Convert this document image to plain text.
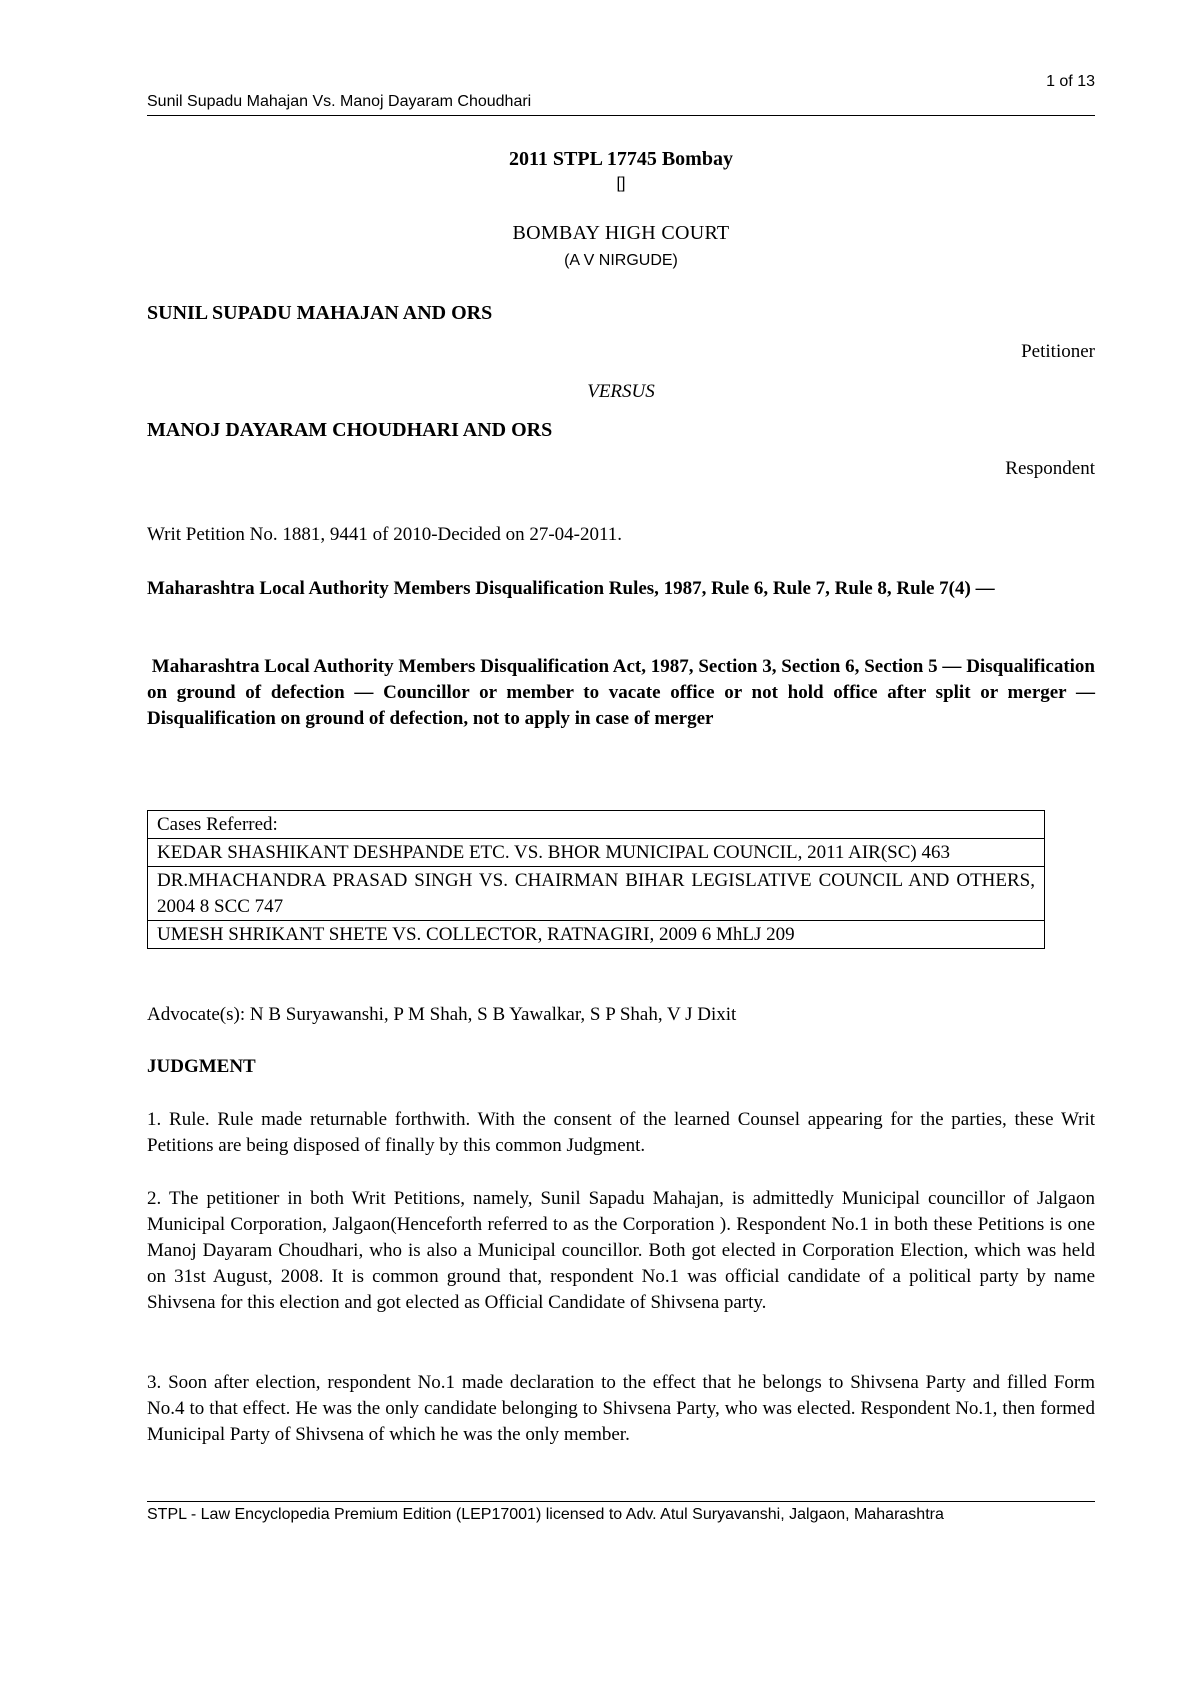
1 of 13
Sunil Supadu Mahajan Vs. Manoj Dayaram Choudhari
2011 STPL 17745 Bombay
[]
BOMBAY HIGH COURT
(A V NIRGUDE)
SUNIL SUPADU MAHAJAN AND ORS
Petitioner
VERSUS
MANOJ DAYARAM CHOUDHARI AND ORS
Respondent
Writ Petition No. 1881, 9441 of 2010-Decided on 27-04-2011.
Maharashtra Local Authority Members Disqualification Rules, 1987, Rule 6, Rule 7, Rule 8, Rule 7(4) —
Maharashtra Local Authority Members Disqualification Act, 1987, Section 3, Section 6, Section 5 — Disqualification on ground of defection — Councillor or member to vacate office or not hold office after split or merger — Disqualification on ground of defection, not to apply in case of merger
Cases Referred:
KEDAR SHASHIKANT DESHPANDE ETC. VS. BHOR MUNICIPAL COUNCIL, 2011 AIR(SC) 463
DR.MHACHANDRA PRASAD SINGH VS. CHAIRMAN BIHAR LEGISLATIVE COUNCIL AND OTHERS, 2004 8 SCC 747
UMESH SHRIKANT SHETE VS. COLLECTOR, RATNAGIRI, 2009 6 MhLJ 209
Advocate(s): N B Suryawanshi, P M Shah, S B Yawalkar, S P Shah, V J Dixit
JUDGMENT
1. Rule. Rule made returnable forthwith. With the consent of the learned Counsel appearing for the parties, these Writ Petitions are being disposed of finally by this common Judgment.
2. The petitioner in both Writ Petitions, namely, Sunil Sapadu Mahajan, is admittedly Municipal councillor of Jalgaon Municipal Corporation, Jalgaon(Henceforth referred to as the Corporation ). Respondent No.1 in both these Petitions is one Manoj Dayaram Choudhari, who is also a Municipal councillor. Both got elected in Corporation Election, which was held on 31st August, 2008. It is common ground that, respondent No.1 was official candidate of a political party by name Shivsena for this election and got elected as Official Candidate of Shivsena party.
3. Soon after election, respondent No.1 made declaration to the effect that he belongs to Shivsena Party and filled Form No.4 to that effect. He was the only candidate belonging to Shivsena Party, who was elected. Respondent No.1, then formed Municipal Party of Shivsena of which he was the only member.
STPL - Law Encyclopedia Premium Edition (LEP17001) licensed to Adv. Atul Suryavanshi, Jalgaon, Maharashtra
